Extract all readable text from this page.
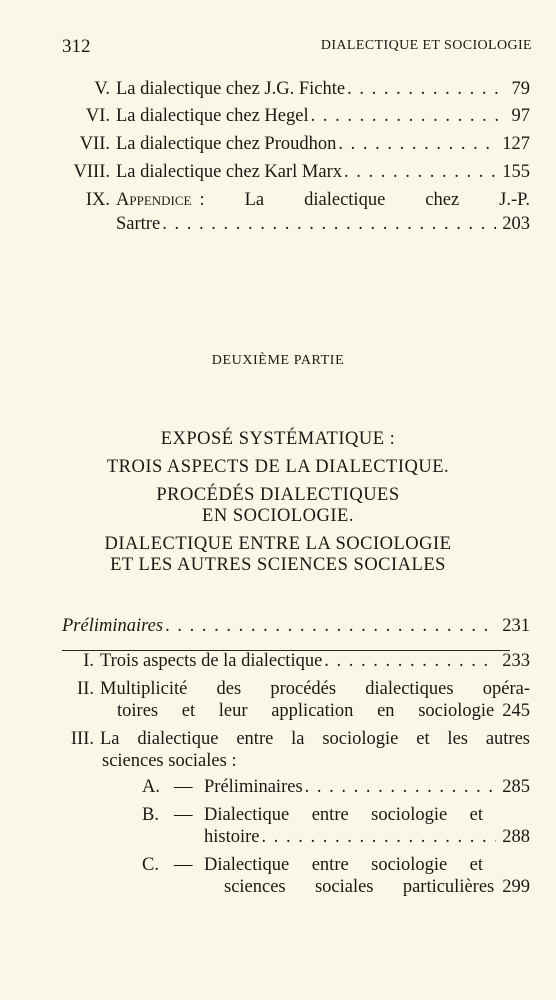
312	DIALECTIQUE ET SOCIOLOGIE
V. La dialectique chez J.G. Fichte . . .	79
VI. La dialectique chez Hegel . . .	97
VII. La dialectique chez Proudhon . . .	127
VIII. La dialectique chez Karl Marx . . .	155
IX. Appendice : La dialectique chez J.-P.
Sartre . . .	203
DEUXIÈME PARTIE
EXPOSÉ SYSTÉMATIQUE :
TROIS ASPECTS DE LA DIALECTIQUE.
PROCÉDÉS DIALECTIQUES
EN SOCIOLOGIE.
DIALECTIQUE ENTRE LA SOCIOLOGIE
ET LES AUTRES SCIENCES SOCIALES
Préliminaires . . .	231
I. Trois aspects de la dialectique . . .	233
II. Multiplicité des procédés dialectiques opéra-
toires et leur application en sociologie 245
III. La dialectique entre la sociologie et les autres
sciences sociales :
A. — Préliminaires . . .	285
B. — Dialectique entre sociologie et
histoire . . .	288
C. — Dialectique entre sociologie et
sciences sociales particulières 299
